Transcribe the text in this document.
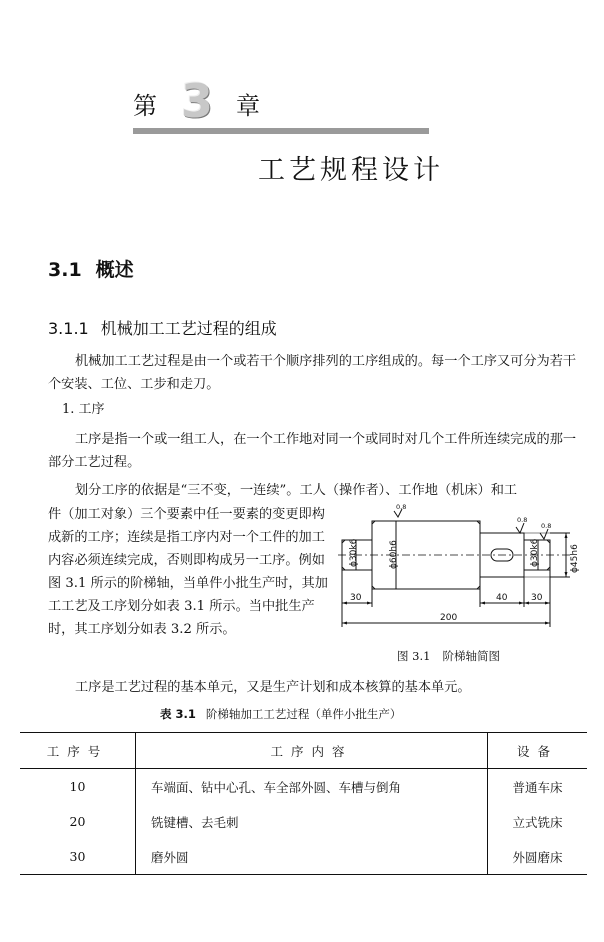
第 3 章
工艺规程设计
3.1 概述
3.1.1 机械加工工艺过程的组成
机械加工工艺过程是由一个或若干个顺序排列的工序组成的。每一个工序又可分为若干个安装、工位、工步和走刀。
1. 工序
工序是指一个或一组工人，在一个工作地对同一个或同时对几个工件所连续完成的那一部分工艺过程。
划分工序的依据是“三不变，一连续”。工人（操作者）、工作地（机床）和工
件（加工对象）三个要素中任一要素的变更即构成新的工序；连续是指工序内对一个工件的加工内容必须连续完成，否则即构成另一工序。例如图 3.1 所示的阶梯轴，当单件小批生产时，其加工工艺及工序划分如表 3.1 所示。当中批生产时，其工序划分如表 3.2 所示。
ϕ30k6	ϕ60h6	ϕ30k6	ϕ45h6
30	40	30
200
0.8
0.8
0.8
图 3.1 阶梯轴简图
工序是工艺过程的基本单元，又是生产计划和成本核算的基本单元。
表 3.1 阶梯轴加工工艺过程（单件小批生产）
工序号	工序内容	设备
10	车端面、钻中心孔、车全部外圆、车槽与倒角	普通车床
20	铣键槽、去毛刺	立式铣床
30	磨外圆	外圆磨床
